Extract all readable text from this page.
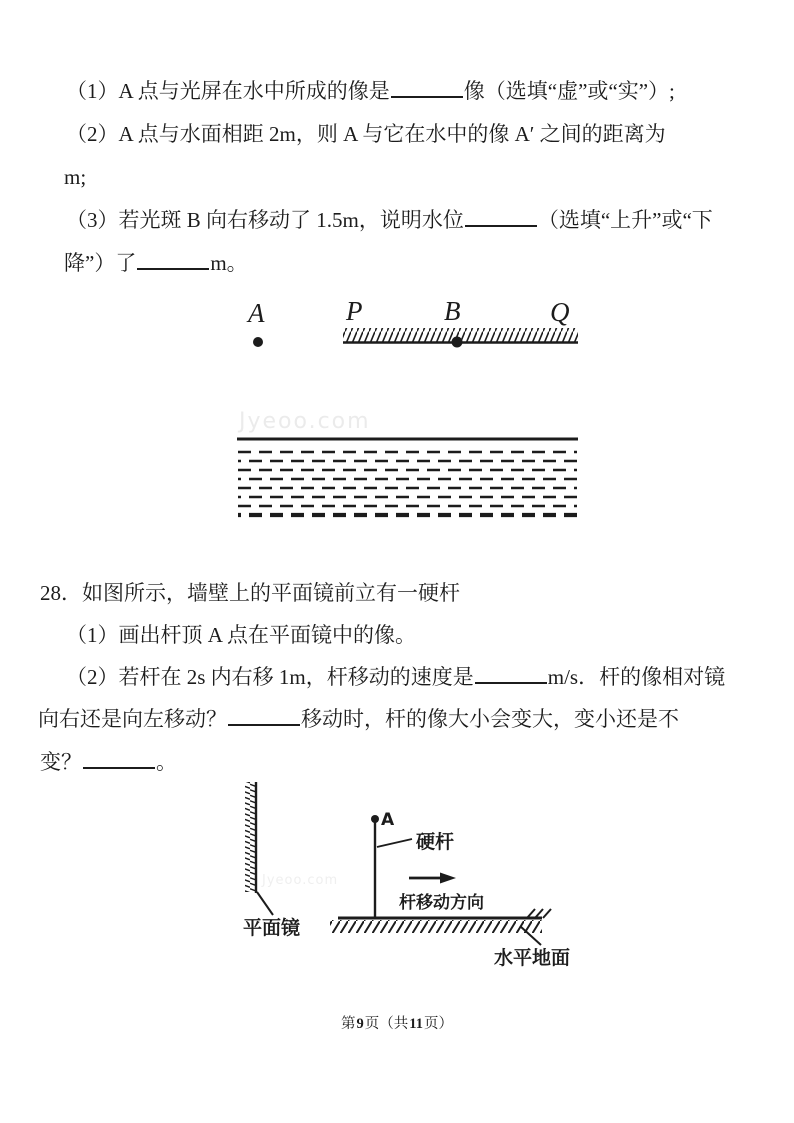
（1）A 点与光屏在水中所成的像是	像（选填“虚”或“实”）;
（2）A 点与水面相距 2m，则 A 与它在水中的像 A′ 之间的距离为
m;
（3）若光斑 B 向右移动了 1.5m，说明水位	（选填“上升”或“下
降”）了	m。
A	P	B	Q
Jyeoo.com
28．如图所示，墙壁上的平面镜前立有一硬杆
（1）画出杆顶 A 点在平面镜中的像。
（2）若杆在 2s 内右移 1m，杆移动的速度是	m/s．杆的像相对镜
向右还是向左移动？	移动时，杆的像大小会变大，变小还是不
变？	。
Jyeoo.com
平面镜
A
硬杆
杆移动方向
水平地面
第9页（共11页）
